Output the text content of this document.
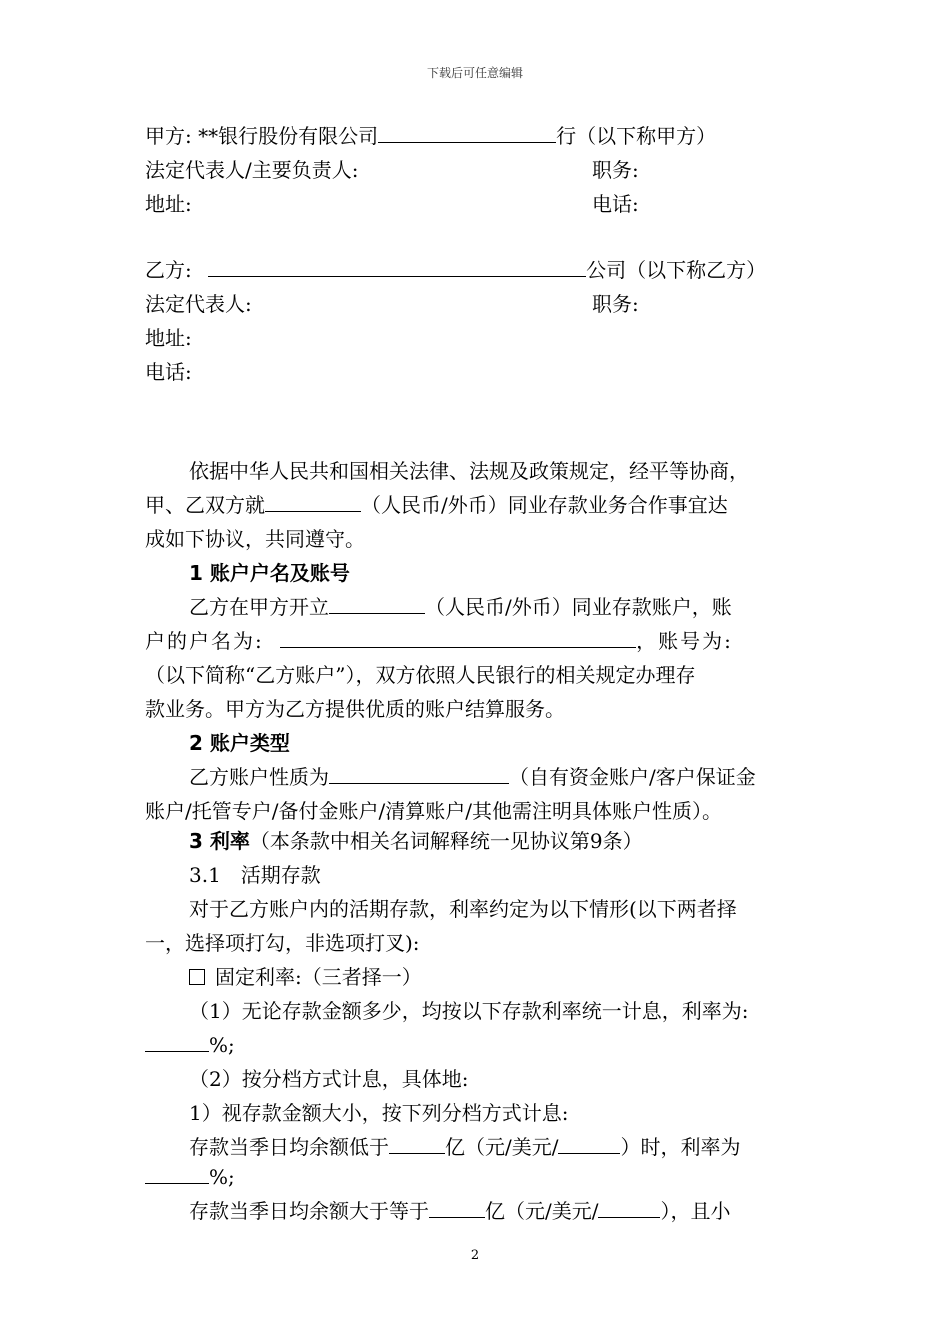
下载后可任意编辑
甲方: **银行股份有限公司	行（以下称甲方）
法定代表人/主要负责人:	职务:
地址:	电话:
乙方:	公司（以下称乙方）
法定代表人:	职务:
地址:
电话:
依据中华人民共和国相关法律、法规及政策规定，经平等协商，
甲、乙双方就	（人民币/外币）同业存款业务合作事宜达
成如下协议，共同遵守。
1 账户户名及账号
乙方在甲方开立	（人民币/外币）同业存款账户，账
户的户名为:	，账号为:
（以下简称“乙方账户”），双方依照人民银行的相关规定办理存
款业务。甲方为乙方提供优质的账户结算服务。
2 账户类型
乙方账户性质为	（自有资金账户/客户保证金
账户/托管专户/备付金账户/清算账户/其他需注明具体账户性质）。
3 利率（本条款中相关名词解释统一见协议第9条）
3.1　活期存款
对于乙方账户内的活期存款，利率约定为以下情形(以下两者择
一，选择项打勾，非选项打叉):
固定利率:（三者择一）
（1）无论存款金额多少，均按以下存款利率统一计息，利率为:
%;
（2）按分档方式计息，具体地:
1）视存款金额大小，按下列分档方式计息:
存款当季日均余额低于	亿（元/美元/	）时，利率为
%;
存款当季日均余额大于等于	亿（元/美元/	），且小
2
